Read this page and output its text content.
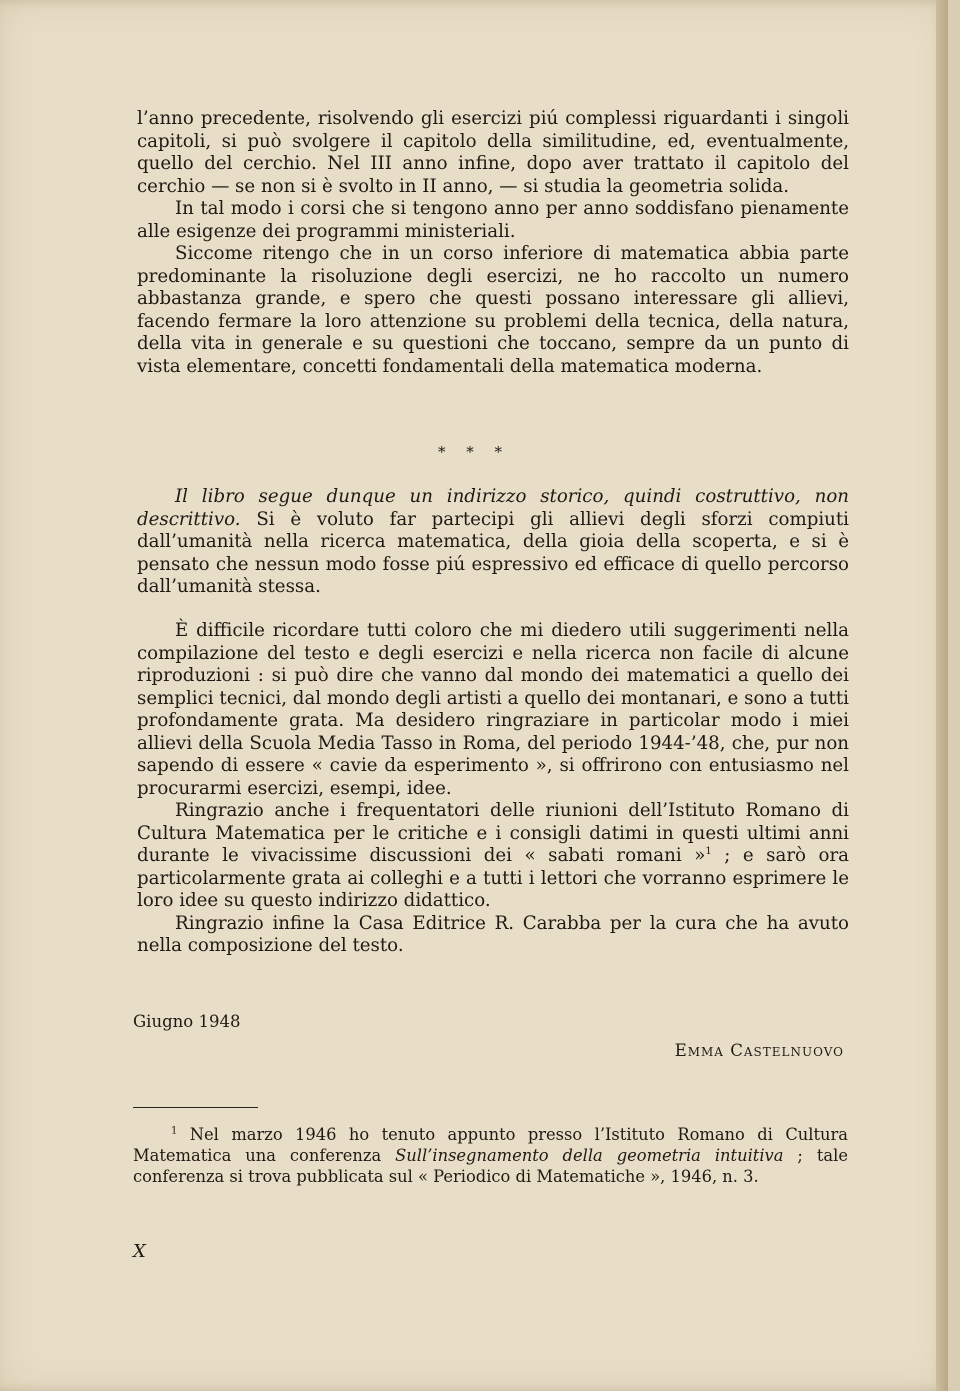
l’anno precedente, risolvendo gli esercizi piú complessi riguardanti i singoli capitoli, si può svolgere il capitolo della similitudine, ed, eventualmente, quello del cerchio. Nel III anno infine, dopo aver trattato il capitolo del cerchio — se non si è svolto in II anno, — si studia la geometria solida.

In tal modo i corsi che si tengono anno per anno soddisfano pienamente alle esigenze dei programmi ministeriali.

Siccome ritengo che in un corso inferiore di matematica abbia parte predominante la risoluzione degli esercizi, ne ho raccolto un numero abbastanza grande, e spero che questi possano interessare gli allievi, facendo fermare la loro attenzione su problemi della tecnica, della natura, della vita in generale e su questioni che toccano, sempre da un punto di vista elementare, concetti fondamentali della matematica moderna.

* * *

Il libro segue dunque un indirizzo storico, quindi costruttivo, non descrittivo. Si è voluto far partecipi gli allievi degli sforzi compiuti dall’umanità nella ricerca matematica, della gioia della scoperta, e si è pensato che nessun modo fosse piú espressivo ed efficace di quello percorso dall’umanità stessa.

È difficile ricordare tutti coloro che mi diedero utili suggerimenti nella compilazione del testo e degli esercizi e nella ricerca non facile di alcune riproduzioni : si può dire che vanno dal mondo dei matematici a quello dei semplici tecnici, dal mondo degli artisti a quello dei montanari, e sono a tutti profondamente grata. Ma desidero ringraziare in particolar modo i miei allievi della Scuola Media Tasso in Roma, del periodo 1944-’48, che, pur non sapendo di essere « cavie da esperimento », si offrirono con entusiasmo nel procurarmi esercizi, esempi, idee.

Ringrazio anche i frequentatori delle riunioni dell’Istituto Romano di Cultura Matematica per le critiche e i consigli datimi in questi ultimi anni durante le vivacissime discussioni dei « sabati romani »$^1$ ; e sarò ora particolarmente grata ai colleghi e a tutti i lettori che vorranno esprimere le loro idee su questo indirizzo didattico.

Ringrazio infine la Casa Editrice R. Carabba per la cura che ha avuto nella composizione del testo.

Giugno 1948
Emma Castelnuovo
$^1$ Nel marzo 1946 ho tenuto appunto presso l’Istituto Romano di Cultura Matematica una conferenza Sull’insegnamento della geometria intuitiva ; tale conferenza si trova pubblicata sul « Periodico di Matematiche », 1946, n. 3.
X
